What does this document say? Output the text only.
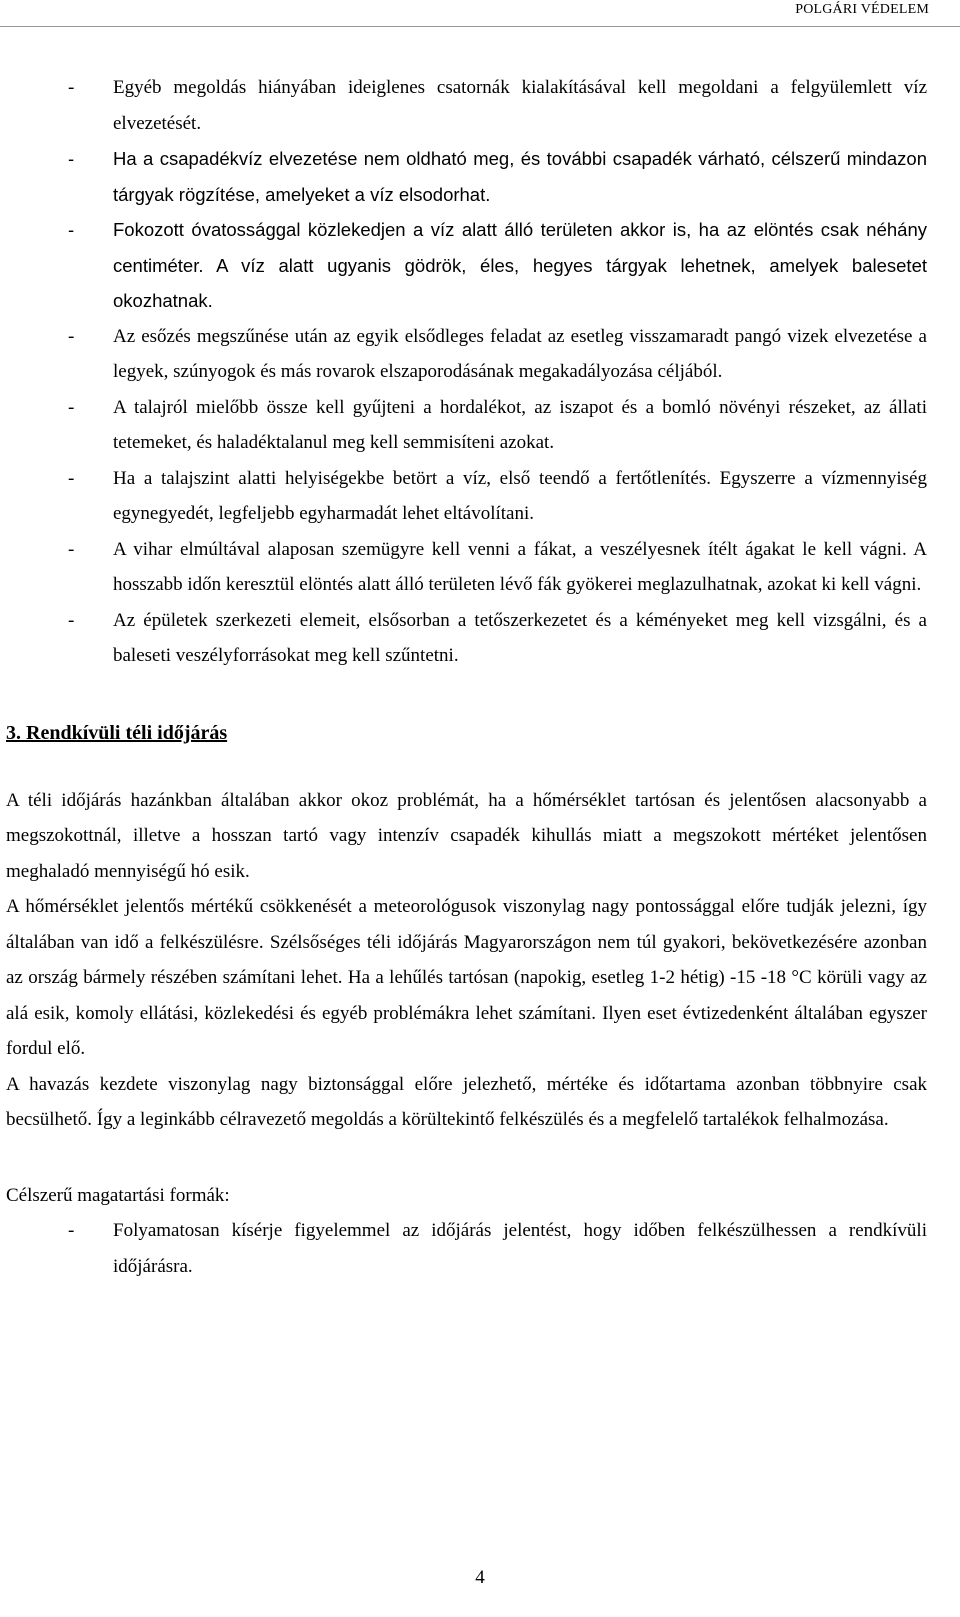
POLGÁRI VÉDELEM
- Egyéb megoldás hiányában ideiglenes csatornák kialakításával kell megoldani a felgyülemlett víz elvezetését.
- Ha a csapadékvíz elvezetése nem oldható meg, és további csapadék várható, célszerű mindazon tárgyak rögzítése, amelyeket a víz elsodorhat.
- Fokozott óvatossággal közlekedjen a víz alatt álló területen akkor is, ha az elöntés csak néhány centiméter. A víz alatt ugyanis gödrök, éles, hegyes tárgyak lehetnek, amelyek balesetet okozhatnak.
- Az esőzés megszűnése után az egyik elsődleges feladat az esetleg visszamaradt pangó vizek elvezetése a legyek, szúnyogok és más rovarok elszaporodásának megakadályozása céljából.
- A talajról mielőbb össze kell gyűjteni a hordalékot, az iszapot és a bomló növényi részeket, az állati tetemeket, és haladéktalanul meg kell semmisíteni azokat.
- Ha a talajszint alatti helyiségekbe betört a víz, első teendő a fertőtlenítés. Egyszerre a vízmennyiség egynegyedét, legfeljebb egyharmadát lehet eltávolítani.
- A vihar elmúltával alaposan szemügyre kell venni a fákat, a veszélyesnek ítélt ágakat le kell vágni. A hosszabb időn keresztül elöntés alatt álló területen lévő fák gyökerei meglazulhatnak, azokat ki kell vágni.
- Az épületek szerkezeti elemeit, elsősorban a tetőszerkezetet és a kéményeket meg kell vizsgálni, és a baleseti veszélyforrásokat meg kell szűntetni.
3. Rendkívüli téli időjárás

A téli időjárás hazánkban általában akkor okoz problémát, ha a hőmérséklet tartósan és jelentősen alacsonyabb a megszokottnál, illetve a hosszan tartó vagy intenzív csapadék kihullás miatt a megszokott mértéket jelentősen meghaladó mennyiségű hó esik.

A hőmérséklet jelentős mértékű csökkenését a meteorológusok viszonylag nagy pontossággal előre tudják jelezni, így általában van idő a felkészülésre. Szélsőséges téli időjárás Magyarországon nem túl gyakori, bekövetkezésére azonban az ország bármely részében számítani lehet. Ha a lehűlés tartósan (napokig, esetleg 1-2 hétig) -15 -18 °C körüli vagy az alá esik, komoly ellátási, közlekedési és egyéb problémákra lehet számítani. Ilyen eset évtizedenként általában egyszer fordul elő.

A havazás kezdete viszonylag nagy biztonsággal előre jelezhető, mértéke és időtartama azonban többnyire csak becsülhető. Így a leginkább célravezető megoldás a körültekintő felkészülés és a megfelelő tartalékok felhalmozása.

Célszerű magatartási formák:
- Folyamatosan kísérje figyelemmel az időjárás jelentést, hogy időben felkészülhessen a rendkívüli időjárásra.
4
